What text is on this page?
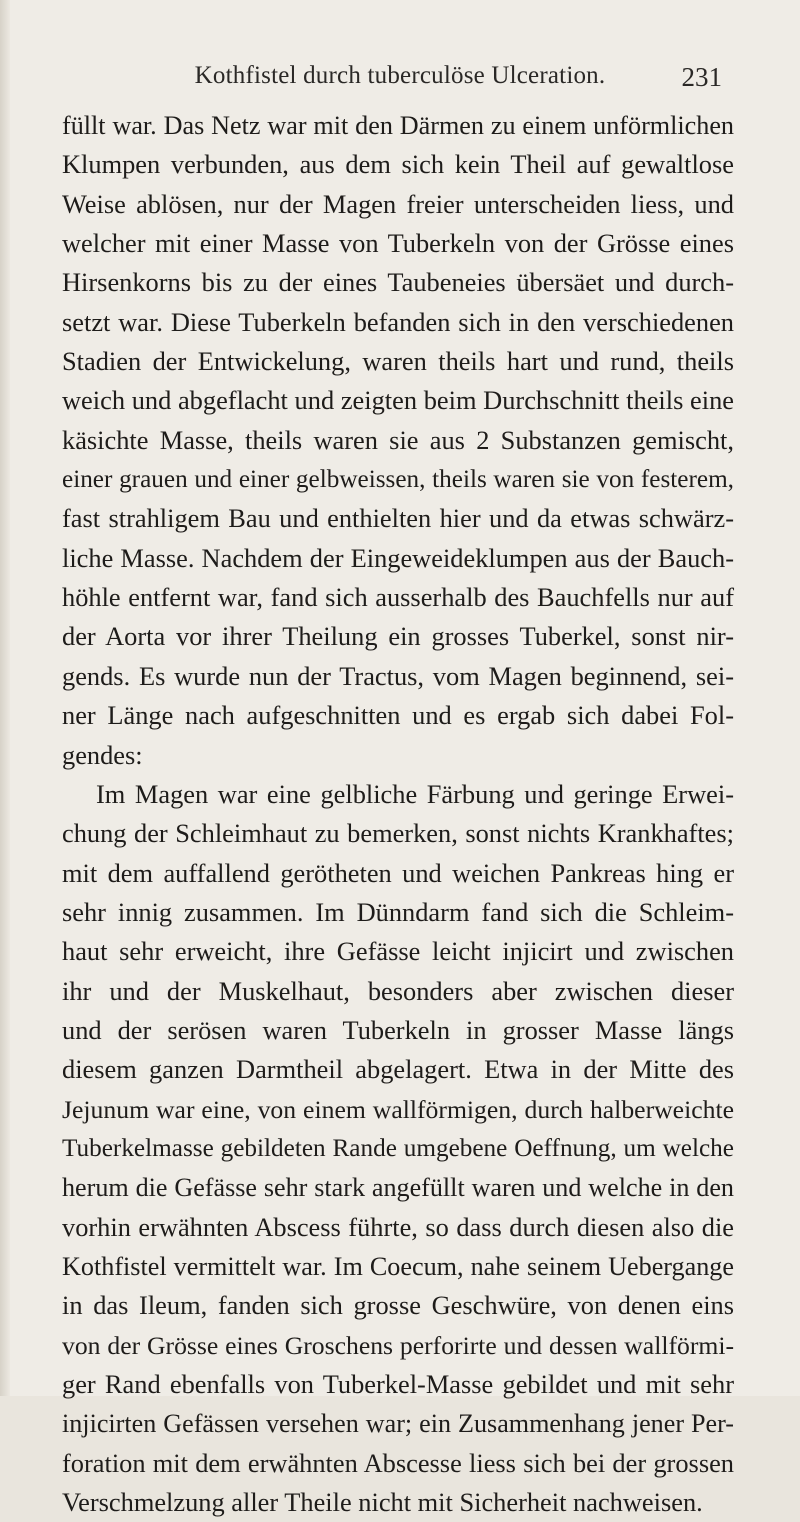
Kothfistel durch tuberculöse Ulceration.	231
füllt war. Das Netz war mit den Därmen zu einem unförmlichen
Klumpen verbunden, aus dem sich kein Theil auf gewaltlose
Weise ablösen, nur der Magen freier unterscheiden liess, und
welcher mit einer Masse von Tuberkeln von der Grösse eines
Hirsenkorns bis zu der eines Taubeneies übersäet und durch-
setzt war. Diese Tuberkeln befanden sich in den verschiedenen
Stadien der Entwickelung, waren theils hart und rund, theils
weich und abgeflacht und zeigten beim Durchschnitt theils eine
käsichte Masse, theils waren sie aus 2 Substanzen gemischt,
einer grauen und einer gelbweissen, theils waren sie von festerem,
fast strahligem Bau und enthielten hier und da etwas schwärz-
liche Masse. Nachdem der Eingeweideklumpen aus der Bauch-
höhle entfernt war, fand sich ausserhalb des Bauchfells nur auf
der Aorta vor ihrer Theilung ein grosses Tuberkel, sonst nir-
gends. Es wurde nun der Tractus, vom Magen beginnend, sei-
ner Länge nach aufgeschnitten und es ergab sich dabei Fol-
gendes:
Im Magen war eine gelbliche Färbung und geringe Erwei-
chung der Schleimhaut zu bemerken, sonst nichts Krankhaftes;
mit dem auffallend gerötheten und weichen Pankreas hing er
sehr innig zusammen. Im Dünndarm fand sich die Schleim-
haut sehr erweicht, ihre Gefässe leicht injicirt und zwischen
ihr und der Muskelhaut, besonders aber zwischen dieser
und der serösen waren Tuberkeln in grosser Masse längs
diesem ganzen Darmtheil abgelagert. Etwa in der Mitte des
Jejunum war eine, von einem wallförmigen, durch halberweichte
Tuberkelmasse gebildeten Rande umgebene Oeffnung, um welche
herum die Gefässe sehr stark angefüllt waren und welche in den
vorhin erwähnten Abscess führte, so dass durch diesen also die
Kothfistel vermittelt war. Im Coecum, nahe seinem Uebergange
in das Ileum, fanden sich grosse Geschwüre, von denen eins
von der Grösse eines Groschens perforirte und dessen wallförmi-
ger Rand ebenfalls von Tuberkel-Masse gebildet und mit sehr
injicirten Gefässen versehen war; ein Zusammenhang jener Per-
foration mit dem erwähnten Abscesse liess sich bei der grossen
Verschmelzung aller Theile nicht mit Sicherheit nachweisen.
